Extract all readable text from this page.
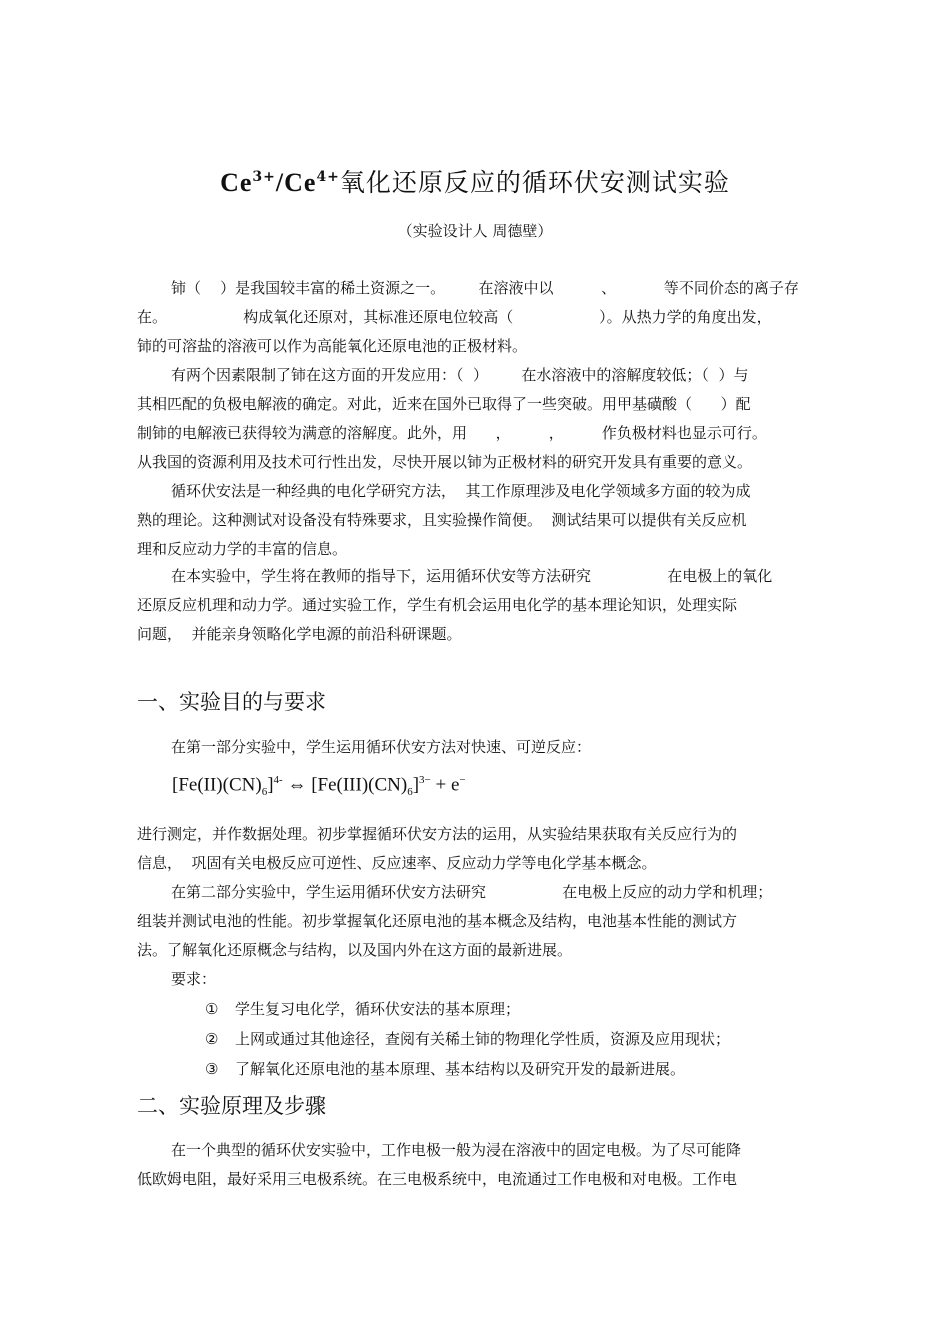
$Ce^{3+}/Ce^{4+}$氧化还原反应的循环伏安测试实验
（实验设计人 周德壁）
铈（    ）是我国较丰富的稀土资源之一。       在溶液中以          、          等不同价态的离子存
在。                构成氧化还原对，其标准还原电位较高（                  ）。从热力学的角度出发，
铈的可溶盐的溶液可以作为高能氧化还原电池的正极材料。
有两个因素限制了铈在这方面的开发应用：（  ）       在水溶液中的溶解度较低；（  ）与
其相匹配的负极电解液的确定。对此，近来在国外已取得了一些突破。用甲基磺酸（      ）配
制铈的电解液已获得较为满意的溶解度。此外，用      ，        ，        作负极材料也显示可行。
从我国的资源利用及技术可行性出发，尽快开展以铈为正极材料的研究开发具有重要的意义。
循环伏安法是一种经典的电化学研究方法，  其工作原理涉及电化学领域多方面的较为成
熟的理论。这种测试对设备没有特殊要求，且实验操作简便。  测试结果可以提供有关反应机
理和反应动力学的丰富的信息。
在本实验中，学生将在教师的指导下，运用循环伏安等方法研究                在电极上的氧化
还原反应机理和动力学。通过实验工作，学生有机会运用电化学的基本理论知识，处理实际
问题，  并能亲身领略化学电源的前沿科研课题。
一、实验目的与要求
在第一部分实验中，学生运用循环伏安方法对快速、可逆反应：
$[Fe(II)(CN)_6]^{4-}$ ⇔ $[Fe(III)(CN)_6]^{3-} + e^-$
进行测定，并作数据处理。初步掌握循环伏安方法的运用，从实验结果获取有关反应行为的
信息，  巩固有关电极反应可逆性、反应速率、反应动力学等电化学基本概念。
在第二部分实验中，学生运用循环伏安方法研究                在电极上反应的动力学和机理；
组装并测试电池的性能。初步掌握氧化还原电池的基本概念及结构，电池基本性能的测试方
法。了解氧化还原概念与结构，以及国内外在这方面的最新进展。
要求：
① 学生复习电化学，循环伏安法的基本原理；
② 上网或通过其他途径，查阅有关稀土铈的物理化学性质，资源及应用现状；
③ 了解氧化还原电池的基本原理、基本结构以及研究开发的最新进展。
二、实验原理及步骤
在一个典型的循环伏安实验中，工作电极一般为浸在溶液中的固定电极。为了尽可能降
低欧姆电阻，最好采用三电极系统。在三电极系统中，电流通过工作电极和对电极。工作电
